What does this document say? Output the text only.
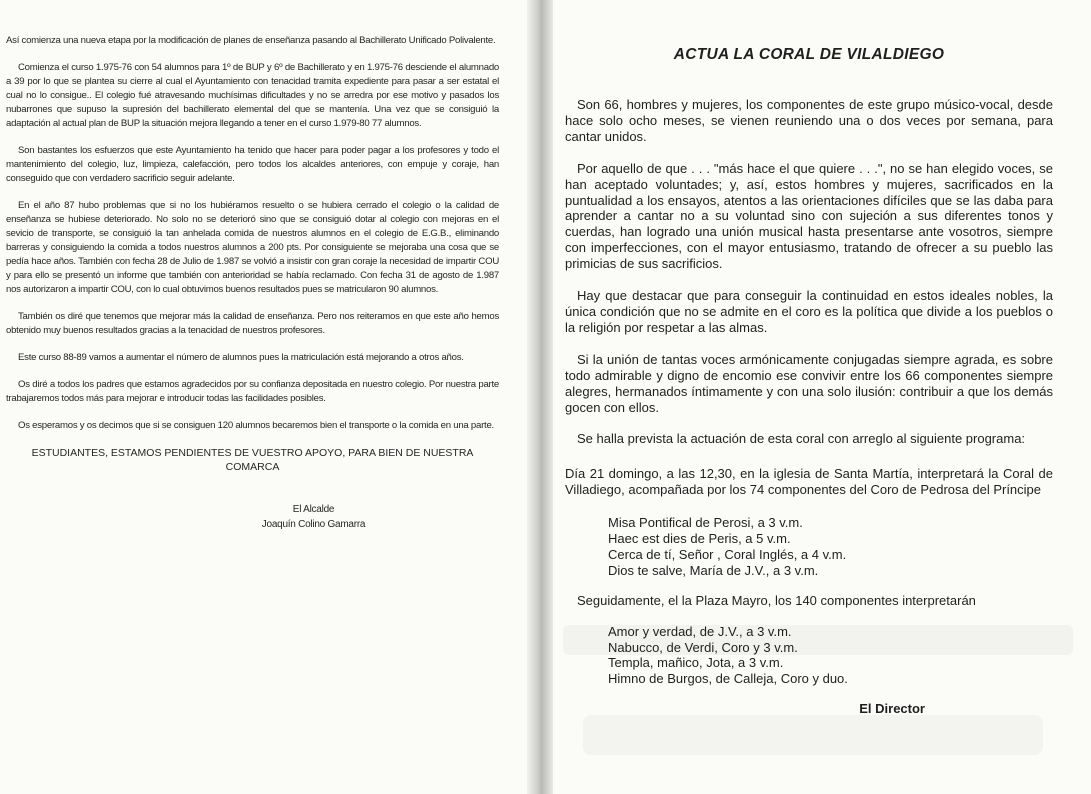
Así comienza una nueva etapa por la modificación de planes de enseñanza pasando al Bachillerato Unificado Polivalente.

Comienza el curso 1.975-76 con 54 alumnos para 1º de BUP y 6º de Bachillerato y en 1.975-76 desciende el alumnado a 39 por lo que se plantea su cierre al cual el Ayuntamiento con tenacidad tramita expediente para pasar a ser estatal el cual no lo consigue.. El colegio fué atravesando muchísimas dificultades y no se arredra por ese motivo y pasados los nubarrones que supuso la supresión del bachillerato elemental del que se mantenía. Una vez que se consiguió la adaptación al actual plan de BUP la situación mejora llegando a tener en el curso 1.979-80 77 alumnos.

Son bastantes los esfuerzos que este Ayuntamiento ha tenido que hacer para poder pagar a los profesores y todo el mantenimiento del colegio, luz, limpieza, calefacción, pero todos los alcaldes anteriores, con empuje y coraje, han conseguido que con verdadero sacrificio seguir adelante.

En el año 87 hubo problemas que si no los hubiéramos resuelto o se hubiera cerrado el colegio o la calidad de enseñanza se hubiese deteriorado. No solo no se deterioró sino que se consiguió dotar al colegio con mejoras en el sevicio de transporte, se consiguió la tan anhelada comida de nuestros alumnos en el colegio de E.G.B., eliminando barreras y consiguiendo la comida a todos nuestros alumnos a 200 pts. Por consiguiente se mejoraba una cosa que se pedía hace años. También con fecha 28 de Julio de 1.987 se volvió a insistir con gran coraje la necesidad de impartir COU y para ello se presentó un informe que también con anterioridad se había reclamado. Con fecha 31 de agosto de 1.987 nos autorizaron a impartir COU, con lo cual obtuvimos buenos resultados pues se matricularon 90 alumnos.

También os diré que tenemos que mejorar más la calidad de enseñanza. Pero nos reiteramos en que este año hemos obtenido muy buenos resultados gracias a la tenacidad de nuestros profesores.

Este curso 88-89 vamos a aumentar el número de alumnos pues la matriculación está mejorando a otros años.

Os diré a todos los padres que estamos agradecidos por su confianza depositada en nuestro colegio. Por nuestra parte trabajaremos todos más para mejorar e introducir todas las facilidades posibles.

Os esperamos y os decimos que si se consiguen 120 alumnos becaremos bien el transporte o la comida en una parte.

ESTUDIANTES, ESTAMOS PENDIENTES DE VUESTRO APOYO, PARA BIEN DE NUESTRA COMARCA
El Alcalde
Joaquín Colino Gamarra
ACTUA LA CORAL DE VILALDIEGO

Son 66, hombres y mujeres, los componentes de este grupo músico-vocal, desde hace solo ocho meses, se vienen reuniendo una o dos veces por semana, para cantar unidos.

Por aquello de que . . . "más hace el que quiere . . .", no se han elegido voces, se han aceptado voluntades; y, así, estos hombres y mujeres, sacrificados en la puntualidad a los ensayos, atentos a las orientaciones difíciles que se las daba para aprender a cantar no a su voluntad sino con sujeción a sus diferentes tonos y cuerdas, han logrado una unión musical hasta presentarse ante vosotros, siempre con imperfecciones, con el mayor entusiasmo, tratando de ofrecer a su pueblo las primicias de sus sacrificios.

Hay que destacar que para conseguir la continuidad en estos ideales nobles, la única condición que no se admite en el coro es la política que divide a los pueblos o la religión por respetar a las almas.

Si la unión de tantas voces armónicamente conjugadas siempre agrada, es sobre todo admirable y digno de encomio ese convivir entre los 66 componentes siempre alegres, hermanados íntimamente y con una solo ilusión: contribuir a que los demás gocen con ellos.

Se halla prevista la actuación de esta coral con arreglo al siguiente programa:

Día 21 domingo, a las 12,30, en la iglesia de Santa Martía, interpretará la Coral de Villadiego, acompañada por los 74 componentes del Coro de Pedrosa del Príncipe

Misa Pontifical de Perosi, a 3 v.m.
Haec est dies de Peris, a 5 v.m.
Cerca de tí, Señor , Coral Inglés, a 4 v.m.
Dios te salve, María de J.V., a 3 v.m.
Seguidamente, el la Plaza Mayro, los 140 componentes interpretarán
Amor y verdad, de J.V., a 3 v.m.
Nabucco, de Verdi, Coro y 3 v.m.
Templa, mañico, Jota, a 3 v.m.
Himno de Burgos, de Calleja, Coro y duo.
El Director
